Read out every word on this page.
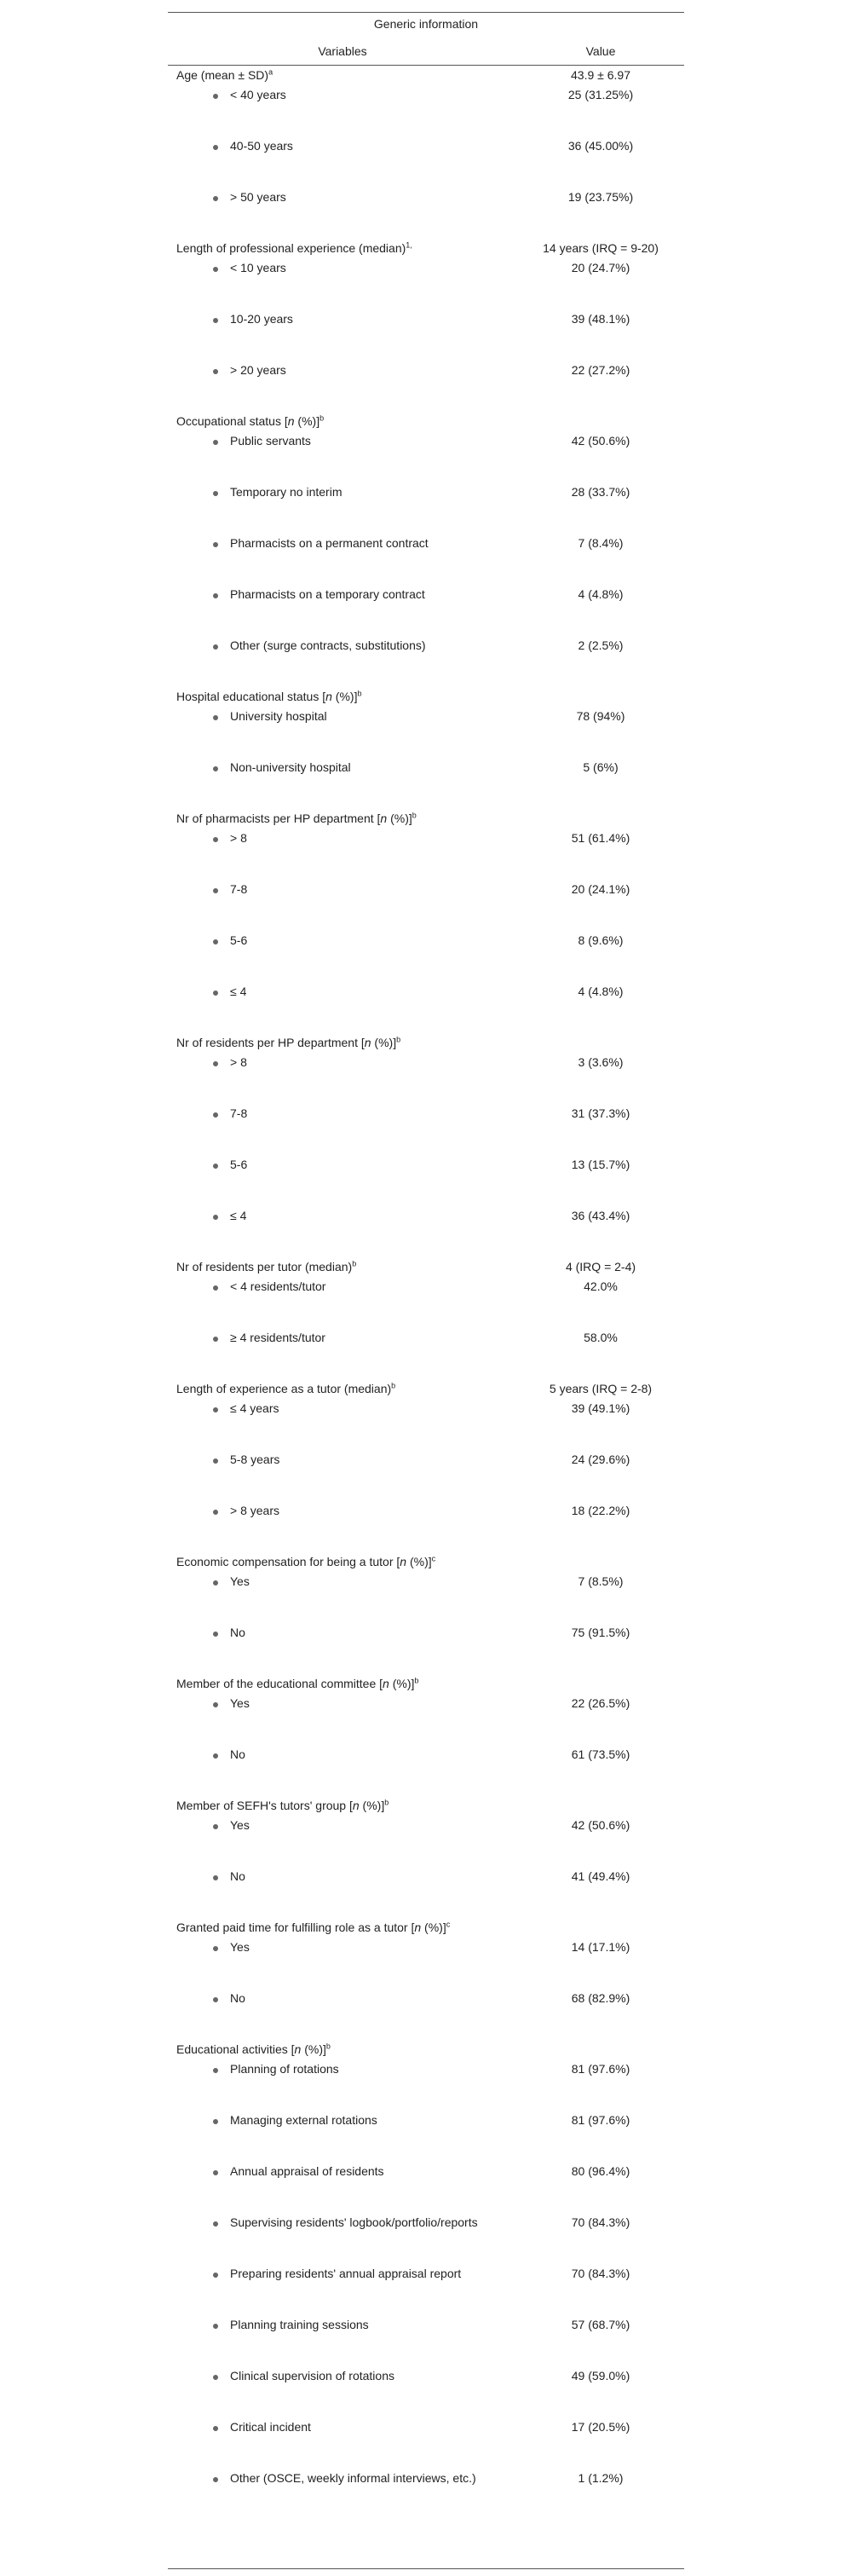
Generic information
Variables	Value
Age (mean ± SD)$^a$	43.9 ± 6.97
< 40 years	25 (31.25%)
40-50 years	36 (45.00%)
> 50 years	19 (23.75%)
Length of professional experience (median)$^{1,}$	14 years (IRQ = 9-20)
< 10 years	20 (24.7%)
10-20 years	39 (48.1%)
> 20 years	22 (27.2%)
Occupational status [n (%)]$^b$
Public servants	42 (50.6%)
Temporary no interim	28 (33.7%)
Pharmacists on a permanent contract	7 (8.4%)
Pharmacists on a temporary contract	4 (4.8%)
Other (surge contracts, substitutions)	2 (2.5%)
Hospital educational status [n (%)]$^b$
University hospital	78 (94%)
Non-university hospital	5 (6%)
Nr of pharmacists per HP department [n (%)]$^b$
> 8	51 (61.4%)
7-8	20 (24.1%)
5-6	8 (9.6%)
≤ 4	4 (4.8%)
Nr of residents per HP department [n (%)]$^b$
> 8	3 (3.6%)
7-8	31 (37.3%)
5-6	13 (15.7%)
≤ 4	36 (43.4%)
Nr of residents per tutor (median)$^b$	4 (IRQ = 2-4)
< 4 residents/tutor	42.0%
≥ 4 residents/tutor	58.0%
Length of experience as a tutor (median)$^b$	5 years (IRQ = 2-8)
≤ 4 years	39 (49.1%)
5-8 years	24 (29.6%)
> 8 years	18 (22.2%)
Economic compensation for being a tutor [n (%)]$^c$
Yes	7 (8.5%)
No	75 (91.5%)
Member of the educational committee [n (%)]$^b$
Yes	22 (26.5%)
No	61 (73.5%)
Member of SEFH's tutors' group [n (%)]$^b$
Yes	42 (50.6%)
No	41 (49.4%)
Granted paid time for fulfilling role as a tutor [n (%)]$^c$
Yes	14 (17.1%)
No	68 (82.9%)
Educational activities [n (%)]$^b$
Planning of rotations	81 (97.6%)
Managing external rotations	81 (97.6%)
Annual appraisal of residents	80 (96.4%)
Supervising residents' logbook/portfolio/reports	70 (84.3%)
Preparing residents' annual appraisal report	70 (84.3%)
Planning training sessions	57 (68.7%)
Clinical supervision of rotations	49 (59.0%)
Critical incident	17 (20.5%)
Other (OSCE, weekly informal interviews, etc.)	1 (1.2%)
